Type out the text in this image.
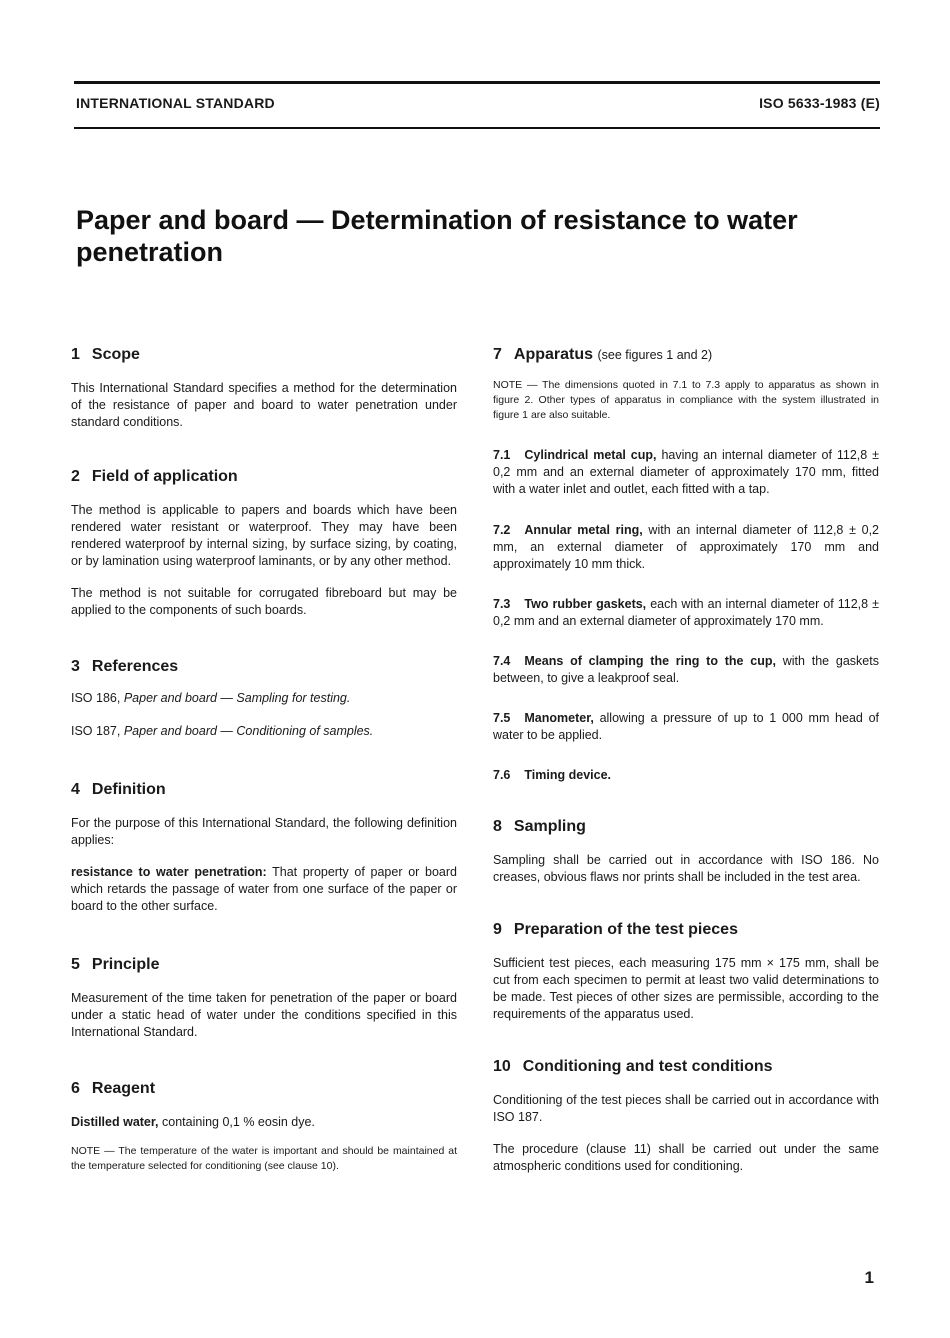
INTERNATIONAL STANDARD	ISO 5633-1983 (E)
Paper and board — Determination of resistance to water penetration
1 Scope

This International Standard specifies a method for the determination of the resistance of paper and board to water penetration under standard conditions.

2 Field of application

The method is applicable to papers and boards which have been rendered water resistant or waterproof. They may have been rendered waterproof by internal sizing, by surface sizing, by coating, or by lamination using waterproof laminants, or by any other method.

The method is not suitable for corrugated fibreboard but may be applied to the components of such boards.

3 References

ISO 186, Paper and board — Sampling for testing.

ISO 187, Paper and board — Conditioning of samples.

4 Definition

For the purpose of this International Standard, the following definition applies:

resistance to water penetration: That property of paper or board which retards the passage of water from one surface of the paper or board to the other surface.

5 Principle

Measurement of the time taken for penetration of the paper or board under a static head of water under the conditions specified in this International Standard.

6 Reagent

Distilled water, containing 0,1 % eosin dye.

NOTE — The temperature of the water is important and should be maintained at the temperature selected for conditioning (see clause 10).

7 Apparatus (see figures 1 and 2)

NOTE — The dimensions quoted in 7.1 to 7.3 apply to apparatus as shown in figure 2. Other types of apparatus in compliance with the system illustrated in figure 1 are also suitable.

7.1 Cylindrical metal cup, having an internal diameter of 112,8 ± 0,2 mm and an external diameter of approximately 170 mm, fitted with a water inlet and outlet, each fitted with a tap.

7.2 Annular metal ring, with an internal diameter of 112,8 ± 0,2 mm, an external diameter of approximately 170 mm and approximately 10 mm thick.

7.3 Two rubber gaskets, each with an internal diameter of 112,8 ± 0,2 mm and an external diameter of approximately 170 mm.

7.4 Means of clamping the ring to the cup, with the gaskets between, to give a leakproof seal.

7.5 Manometer, allowing a pressure of up to 1 000 mm head of water to be applied.

7.6 Timing device.

8 Sampling

Sampling shall be carried out in accordance with ISO 186. No creases, obvious flaws nor prints shall be included in the test area.

9 Preparation of the test pieces

Sufficient test pieces, each measuring 175 mm × 175 mm, shall be cut from each specimen to permit at least two valid determinations to be made. Test pieces of other sizes are permissible, according to the requirements of the apparatus used.

10 Conditioning and test conditions

Conditioning of the test pieces shall be carried out in accordance with ISO 187.

The procedure (clause 11) shall be carried out under the same atmospheric conditions used for conditioning.

1
